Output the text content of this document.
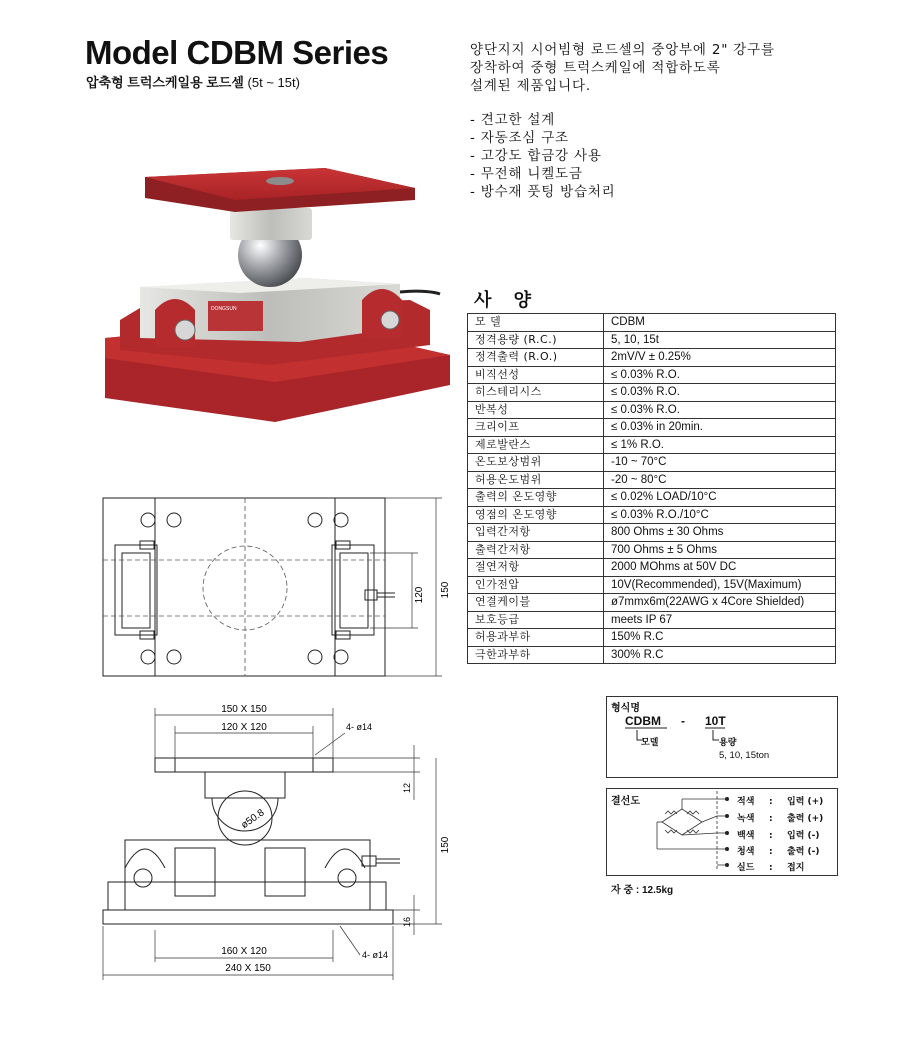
Model CDBM Series
압축형 트럭스케일용 로드셀 (5t ~ 15t)
양단지지 시어빔형 로드셀의 중앙부에 2" 강구를
장착하여 중형 트럭스케일에 적합하도록
설계된 제품입니다.
- 견고한 설계
- 자동조심 구조
- 고강도 합금강 사용
- 무전해 니켈도금
- 방수재 풋팅 방습처리
DONGSUN	사 양
모 델	CDBM
정격용량 (R.C.)	5, 10, 15t
정격출력 (R.O.)	2mV/V ± 0.25%
비직선성	≤ 0.03% R.O.
히스테리시스	≤ 0.03% R.O.
반복성	≤ 0.03% R.O.
크리이프	≤ 0.03% in 20min.
제로발란스	≤ 1% R.O.
온도보상범위	-10 ~ 70°C
허용온도범위	-20 ~ 80°C
출력의 온도영향	≤ 0.02% LOAD/10°C
영점의 온도영향	≤ 0.03% R.O./10°C
입력간저항	800 Ohms ± 30 Ohms
출력간저항	700 Ohms ± 5 Ohms
절연저항	2000 MOhms at 50V DC
인가전압	10V(Recommended), 15V(Maximum)
연결케이블	ø7mmx6m(22AWG x 4Core Shielded)
보호등급	meets IP 67
허용과부하	150% R.C
극한과부하	300% R.C
120 150
150 X 150
120 X 120	4- ø14
ø50.8
12
150
16
160 X 120
240 X 150
4- ø14
형식명
CDBM - 10T
모델	용량
5, 10, 15ton
결선도	적색 : 입력 (+)
녹색 : 출력 (+)
백색 : 입력 (-)
청색 : 출력 (-)
실드 : 접지
자 중 : 12.5kg
